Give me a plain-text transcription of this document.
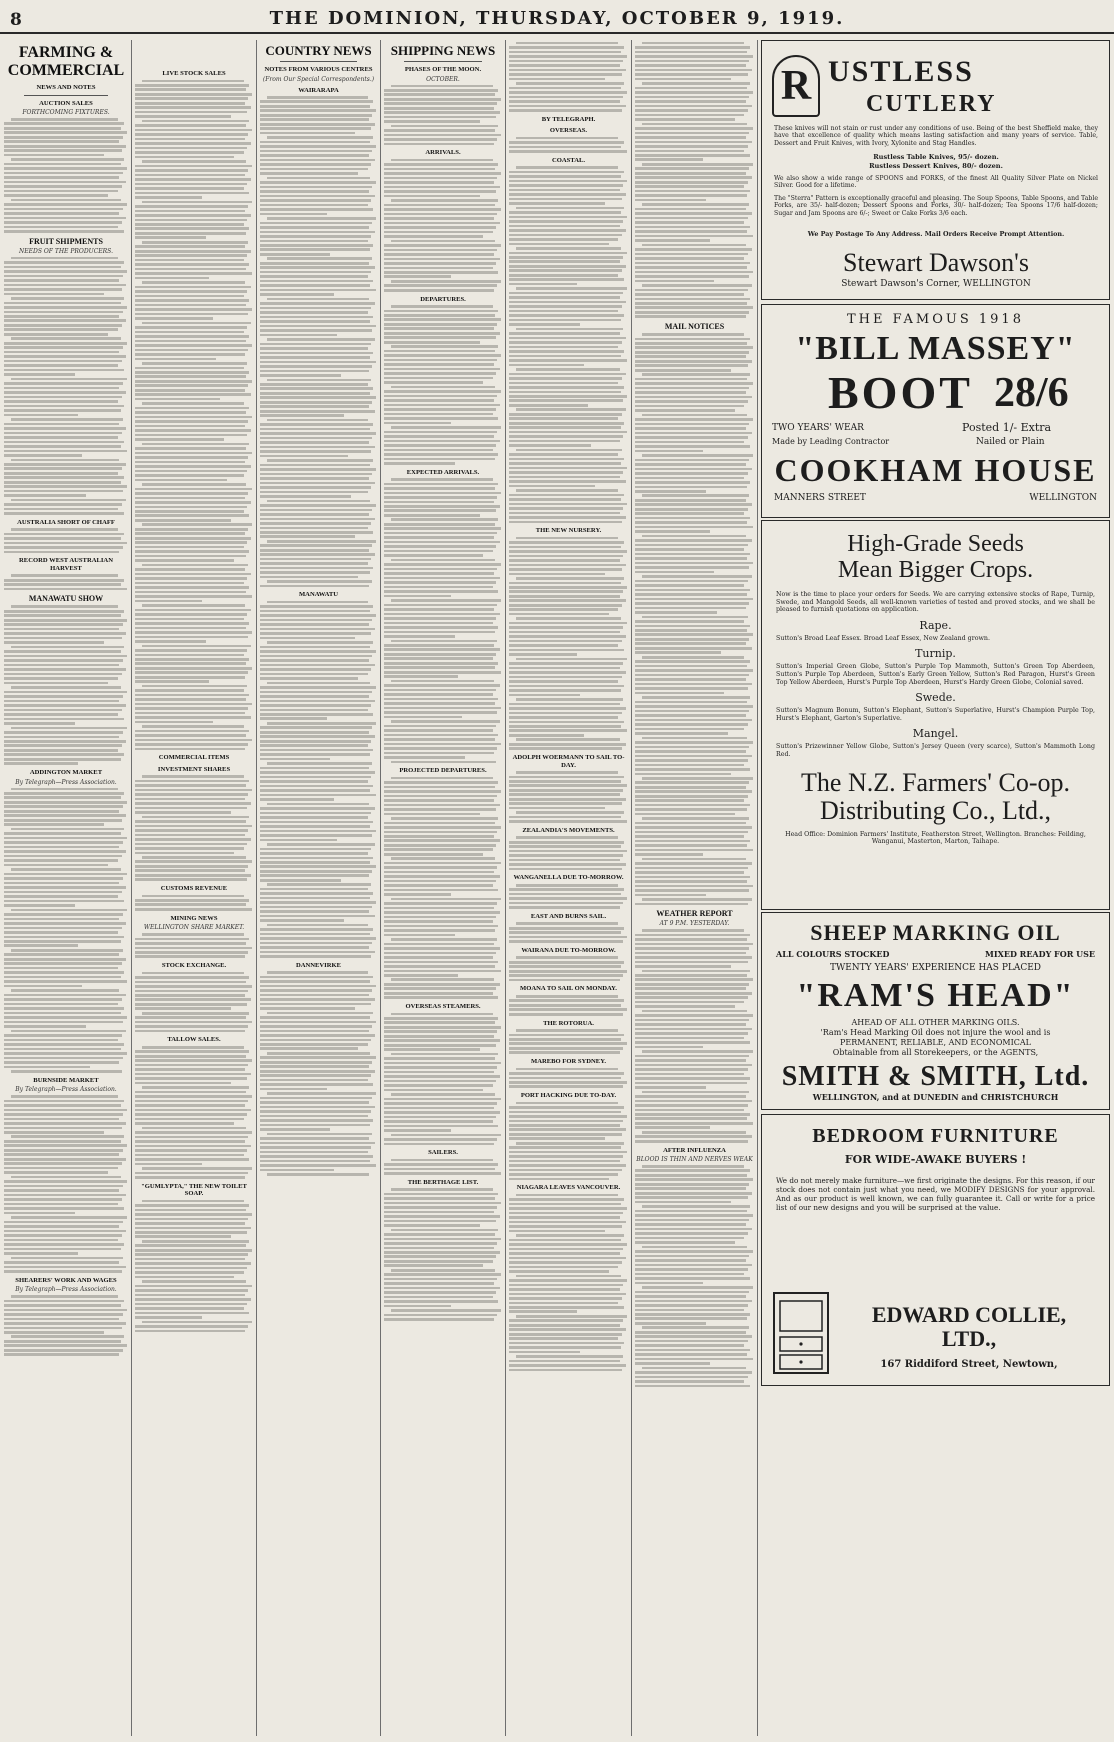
8	THE DOMINION, THURSDAY, OCTOBER 9, 1919.
FARMING & COMMERCIAL
NEWS AND NOTES
AUCTION SALES
FORTHCOMING FIXTURES.
FRUIT SHIPMENTS
NEEDS OF THE PRODUCERS.
AUSTRALIA SHORT OF CHAFF
RECORD WEST AUSTRALIAN HARVEST
MANAWATU SHOW
ADDINGTON MARKET
By Telegraph—Press Association.
BURNSIDE MARKET
By Telegraph—Press Association.
SHEARERS' WORK AND WAGES
By Telegraph—Press Association.
LIVE STOCK SALES
COMMERCIAL ITEMS
INVESTMENT SHARES
CUSTOMS REVENUE
MINING NEWS
WELLINGTON SHARE MARKET.
STOCK EXCHANGE.
TALLOW SALES.
"GUMLYPTA," THE NEW TOILET SOAP.
COUNTRY NEWS
NOTES FROM VARIOUS CENTRES
(From Our Special Correspondents.)
WAIRARAPA
MANAWATU
DANNEVIRKE
SHIPPING NEWS
PHASES OF THE MOON.
OCTOBER.
ARRIVALS.
DEPARTURES.
EXPECTED ARRIVALS.
PROJECTED DEPARTURES.
OVERSEAS STEAMERS.
SAILERS.
THE BERTHAGE LIST.
BY TELEGRAPH.
OVERSEAS.
COASTAL.
THE NEW NURSERY.
ADOLPH WOERMANN TO SAIL TO-DAY.
ZEALANDIA'S MOVEMENTS.
WANGANELLA DUE TO-MORROW.
EAST AND BURNS SAIL.
WAIRANA DUE TO-MORROW.
MOANA TO SAIL ON MONDAY.
THE ROTORUA.
MAREBO FOR SYDNEY.
PORT HACKING DUE TO-DAY.
NIAGARA LEAVES VANCOUVER.
MAIL NOTICES
WEATHER REPORT
AT 9 P.M. YESTERDAY.
AFTER INFLUENZA
BLOOD IS THIN AND NERVES WEAK
R USTLESS
CUTLERY
These knives will not stain or rust under any conditions of use. Being of the best Sheffield make, they have that excellence of quality which means lasting satisfaction and many years of service. Table, Dessert and Fruit Knives, with Ivory, Xylonite and Stag Handles.
Rustless Table Knives, 95/- dozen.
Rustless Dessert Knives, 80/- dozen.
We also show a wide range of SPOONS and FORKS, of the finest All Quality Silver Plate on Nickel Silver. Good for a lifetime.
The "Sterra" Pattern is exceptionally graceful and pleasing. The Soup Spoons, Table Spoons, and Table Forks, are 35/- half-dozen; Dessert Spoons and Forks, 30/- half-dozen; Tea Spoons 17/6 half-dozen; Sugar and Jam Spoons are 6/-; Sweet or Cake Forks 3/6 each.
We Pay Postage To Any Address. Mail Orders Receive Prompt Attention.
Stewart Dawson's
Stewart Dawson's Corner, WELLINGTON
THE FAMOUS 1918
"BILL MASSEY"
BOOT 28/6
TWO YEARS' WEAR
Made by Leading Contractor
Posted 1/- Extra
Nailed or Plain
COOKHAM HOUSE
MANNERS STREET	WELLINGTON
High-Grade Seeds
Mean Bigger Crops.
Now is the time to place your orders for Seeds. We are carrying extensive stocks of Rape, Turnip, Swede, and Mangold Seeds, all well-known varieties of tested and proved stocks, and we shall be pleased to furnish quotations on application.
Rape.
Sutton's Broad Leaf Essex. Broad Leaf Essex, New Zealand grown.
Turnip.
Sutton's Imperial Green Globe, Sutton's Purple Top Mammoth, Sutton's Green Top Aberdeen, Sutton's Purple Top Aberdeen, Sutton's Early Green Yellow, Sutton's Red Paragon, Hurst's Green Top Yellow Aberdeen, Hurst's Purple Top Aberdeen, Hurst's Hardy Green Globe, Colonial saved.
Swede.
Sutton's Magnum Bonum, Sutton's Elephant, Sutton's Superlative, Hurst's Champion Purple Top, Hurst's Elephant, Garton's Superlative.
Mangel.
Sutton's Prizewinner Yellow Globe, Sutton's Jersey Queen (very scarce), Sutton's Mammoth Long Red.
The N.Z. Farmers' Co-op.
Distributing Co., Ltd.,
Head Office: Dominion Farmers' Institute, Featherston Street, Wellington. Branches: Feilding, Wanganui, Masterton, Marton, Taihape.
SHEEP MARKING OIL
ALL COLOURS STOCKED	MIXED READY FOR USE
TWENTY YEARS' EXPERIENCE HAS PLACED
"RAM'S HEAD"
AHEAD OF ALL OTHER MARKING OILS.
'Ram's Head Marking Oil does not injure the wool and is
PERMANENT, RELIABLE, AND ECONOMICAL
Obtainable from all Storekeepers, or the AGENTS,
SMITH & SMITH, Ltd.
WELLINGTON, and at DUNEDIN and CHRISTCHURCH
BEDROOM FURNITURE
FOR WIDE-AWAKE BUYERS !
We do not merely make furniture—we first originate the designs. For this reason, if our stock does not contain just what you need, we MODIFY DESIGNS for your approval. And as our product is well known, we can fully guarantee it. Call or write for a price list of our new designs and you will be surprised at the value.
EDWARD COLLIE, LTD.,
167 Riddiford Street, Newtown,
